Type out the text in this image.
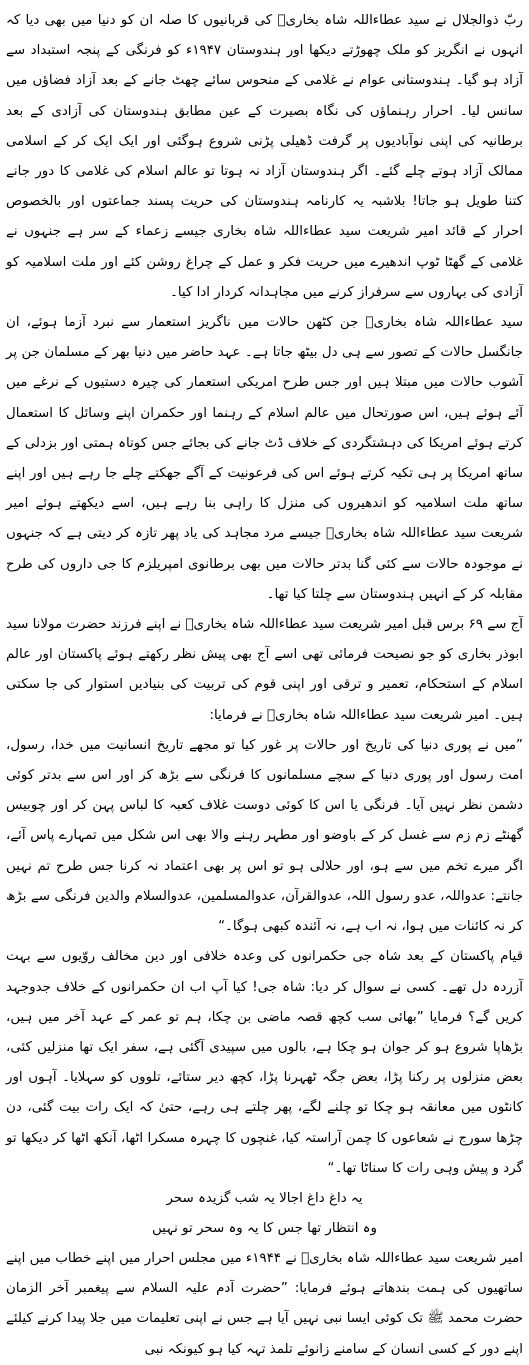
ربّ ذوالجلال نے سید عطاءاللہ شاہ بخاریؒ کی قربانیوں کا صلہ ان کو دنیا میں بھی دیا کہ انہوں نے انگریز کو ملک چھوڑتے دیکھا اور ہندوستان ۱۹۴۷ء کو فرنگی کے پنجہ استبداد سے آزاد ہو گیا۔ ہندوستانی عوام نے غلامی کے منحوس سائے چھٹ جانے کے بعد آزاد فضاؤں میں سانس لیا۔ احرار رہنماؤں کی نگاہ بصیرت کے عین مطابق ہندوستان کی آزادی کے بعد برطانیہ کی اپنی نوآبادیوں پر گرفت ڈھیلی پڑنی شروع ہوگئی اور ایک ایک کر کے اسلامی ممالک آزاد ہوتے چلے گئے۔ اگر ہندوستان آزاد نہ ہوتا تو عالم اسلام کی غلامی کا دور جانے کتنا طویل ہو جاتا! بلاشبہ یہ کارنامہ ہندوستان کی حریت پسند جماعتوں اور بالخصوص احرار کے قائد امیر شریعت سید عطاءاللہ شاہ بخاری جیسے زعماء کے سر ہے جنہوں نے غلامی کے گھٹا ٹوپ اندھیرے میں حریت فکر و عمل کے چراغ روشن کئے اور ملت اسلامیہ کو آزادی کی بہاروں سے سرفراز کرنے میں مجاہدانہ کردار ادا کیا۔

سید عطاءاللہ شاہ بخاریؒ جن کٹھن حالات میں ناگریز استعمار سے نبرد آزما ہوئے، ان جانگسل حالات کے تصور سے ہی دل بیٹھ جاتا ہے۔ عہد حاضر میں دنیا بھر کے مسلمان جن پر آشوب حالات میں مبتلا ہیں اور جس طرح امریکی استعمار کی چیرہ دستیوں کے نرغے میں آئے ہوئے ہیں، اس صورتحال میں عالم اسلام کے رہنما اور حکمران اپنے وسائل کا استعمال کرتے ہوئے امریکا کی دہشتگردی کے خلاف ڈٹ جانے کی بجائے جس کوتاہ ہمتی اور بزدلی کے ساتھ امریکا پر ہی تکیہ کرتے ہوئے اس کی فرعونیت کے آگے جھکتے چلے جا رہے ہیں اور اپنے ساتھ ملت اسلامیہ کو اندھیروں کی منزل کا راہی بنا رہے ہیں، اسے دیکھتے ہوئے امیر شریعت سید عطاءاللہ شاہ بخاریؒ جیسے مرد مجاہد کی یاد پھر تازہ کر دیتی ہے کہ جنہوں نے موجودہ حالات سے کئی گنا بدتر حالات میں بھی برطانوی امپریلزم کا جی داروں کی طرح مقابلہ کر کے انہیں ہندوستان سے چلتا کیا تھا۔

آج سے ۶۹ برس قبل امیر شریعت سید عطاءاللہ شاہ بخاریؒ نے اپنے فرزند حضرت مولانا سید ابوذر بخاری کو جو نصیحت فرمائی تھی اسے آج بھی پیش نظر رکھتے ہوئے پاکستان اور عالم اسلام کے استحکام، تعمیر و ترقی اور اپنی قوم کی تربیت کی بنیادیں استوار کی جا سکتی ہیں۔ امیر شریعت سید عطاءاللہ شاہ بخاریؒ نے فرمایا:

”میں نے پوری دنیا کی تاریخ اور حالات پر غور کیا تو مجھے تاریخ انسانیت میں خدا، رسول، امت رسول اور پوری دنیا کے سچے مسلمانوں کا فرنگی سے بڑھ کر اور اس سے بدتر کوئی دشمن نظر نہیں آیا۔ فرنگی یا اس کا کوئی دوست غلاف کعبہ کا لباس پہن کر اور چوبیس گھنٹے زم زم سے غسل کر کے باوضو اور مطہر رہنے والا بھی اس شکل میں تمہارے پاس آئے، اگر میرے تخم میں سے ہو، اور حلالی ہو تو اس پر بھی اعتماد نہ کرنا جس طرح تم نہیں جانتے: عدواللہ، عدو رسول اللہ، عدوالقرآن، عدوالمسلمین، عدوالسلام والدین فرنگی سے بڑھ کر نہ کائنات میں ہوا، نہ اب ہے، نہ آئندہ کبھی ہوگا۔“

قیام پاکستان کے بعد شاہ جی حکمرانوں کی وعدہ خلافی اور دین مخالف روّیوں سے بہت آزردہ دل تھے۔ کسی نے سوال کر دیا: شاہ جی! کیا آپ اب ان حکمرانوں کے خلاف جدوجہد کریں گے؟ فرمایا ”بھائی سب کچھ قصہ ماضی بن چکا، ہم تو عمر کے عہد آخر میں ہیں، بڑھاپا شروع ہو کر جوان ہو چکا ہے، بالوں میں سپیدی آگئی ہے، سفر ایک تھا منزلیں کئی، بعض منزلوں پر رکنا پڑا، بعض جگہ ٹھہرنا پڑا، کچھ دیر ستائے، تلووں کو سہلایا۔ آہوں اور کانٹوں میں معانقہ ہو چکا تو چلنے لگے، پھر چلتے ہی رہے، حتیٰ کہ ایک رات بیت گئی، دن چڑھا سورج نے شعاعوں کا چمن آراستہ کیا، غنچوں کا چہرہ مسکرا اٹھا، آنکھ اٹھا کر دیکھا تو گرد و پیش وہی رات کا سناٹا تھا۔“

یہ داغ داغ اجالا یہ شب گزیدہ سحر
وہ انتظار تھا جس کا یہ وہ سحر تو نہیں

امیر شریعت سید عطاءاللہ شاہ بخاریؒ نے ۱۹۴۴ء میں مجلس احرار میں اپنے خطاب میں اپنے ساتھیوں کی ہمت بندھاتے ہوئے فرمایا: ”حضرت آدم علیہ السلام سے پیغمبر آخر الزمان حضرت محمد ﷺ تک کوئی ایسا نبی نہیں آیا ہے جس نے اپنی تعلیمات میں جلا پیدا کرنے کیلئے اپنے دور کے کسی انسان کے سامنے زانوئے تلمذ تہہ کیا ہو کیونکہ نبی
